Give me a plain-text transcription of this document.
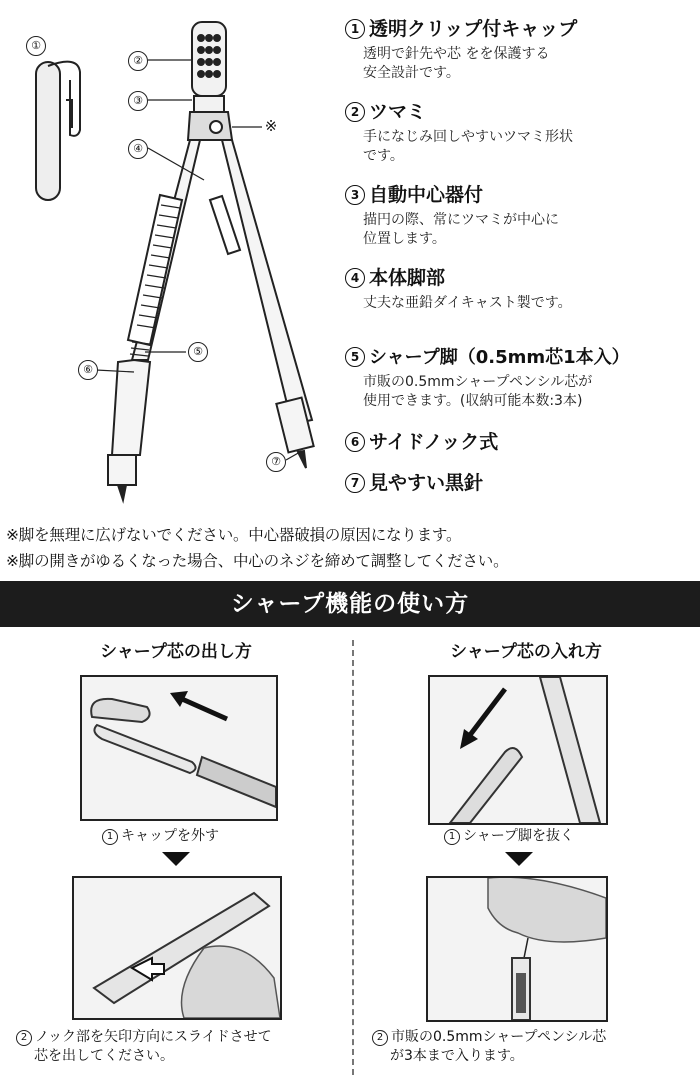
①
②
③
④
※
⑤
⑥
⑦
1 透明クリップ付キャップ
透明で針先や芯 をを保護する
安全設計です。
2 ツマミ
手になじみ回しやすいツマミ形状
です。
3 自動中心器付
描円の際、常にツマミが中心に
位置します。
4 本体脚部
丈夫な亜鉛ダイキャスト製です。
5 シャープ脚（0.5mm芯1本入）
市販の0.5mmシャープペンシル芯が
使用できます。(収納可能本数:3本)
6 サイドノック式
7 見やすい黒針
※脚を無理に広げないでください。中心器破損の原因になります。
※脚の開きがゆるくなった場合、中心のネジを締めて調整してください。
シャープ機能の使い方
シャープ芯の出し方
1 キャップを外す
2 ノック部を矢印方向にスライドさせて
芯を出してください。
シャープ芯の入れ方
1 シャープ脚を抜く
2 市販の0.5mmシャープペンシル芯
が3本まで入ります。
